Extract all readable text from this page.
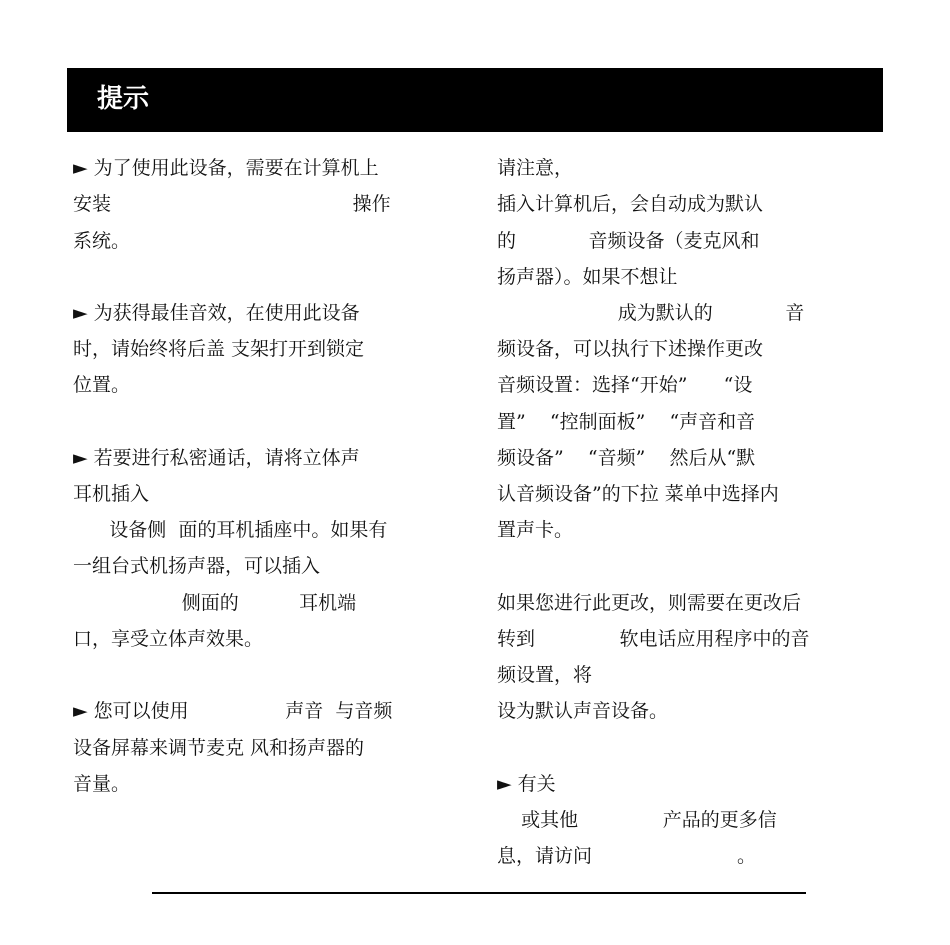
提示
► 为了使用此设备，需要在计算机上
安装                                        操作
系统。
► 为获得最佳音效，在使用此设备
时，请始终将后盖 支架打开到锁定
位置。
► 若要进行私密通话，请将立体声
耳机插入
设备侧  面的耳机插座中。如果有
一组台式机扬声器，可以插入
侧面的          耳机端
口，享受立体声效果。
► 您可以使用                声音  与音频
设备屏幕来调节麦克 风和扬声器的
音量。
请注意，
插入计算机后，会自动成为默认
的            音频设备（麦克风和
扬声器）。如果不想让
成为默认的            音
频设备，可以执行下述操作更改
音频设置：选择“开始”      “设
置”    “控制面板”    “声音和音
频设备”    “音频”    然后从“默
认音频设备”的下拉 菜单中选择内
置声卡。
如果您进行此更改，则需要在更改后
转到              软电话应用程序中的音
频设置，将
设为默认声音设备。
► 有关
或其他              产品的更多信
息，请访问                        。
